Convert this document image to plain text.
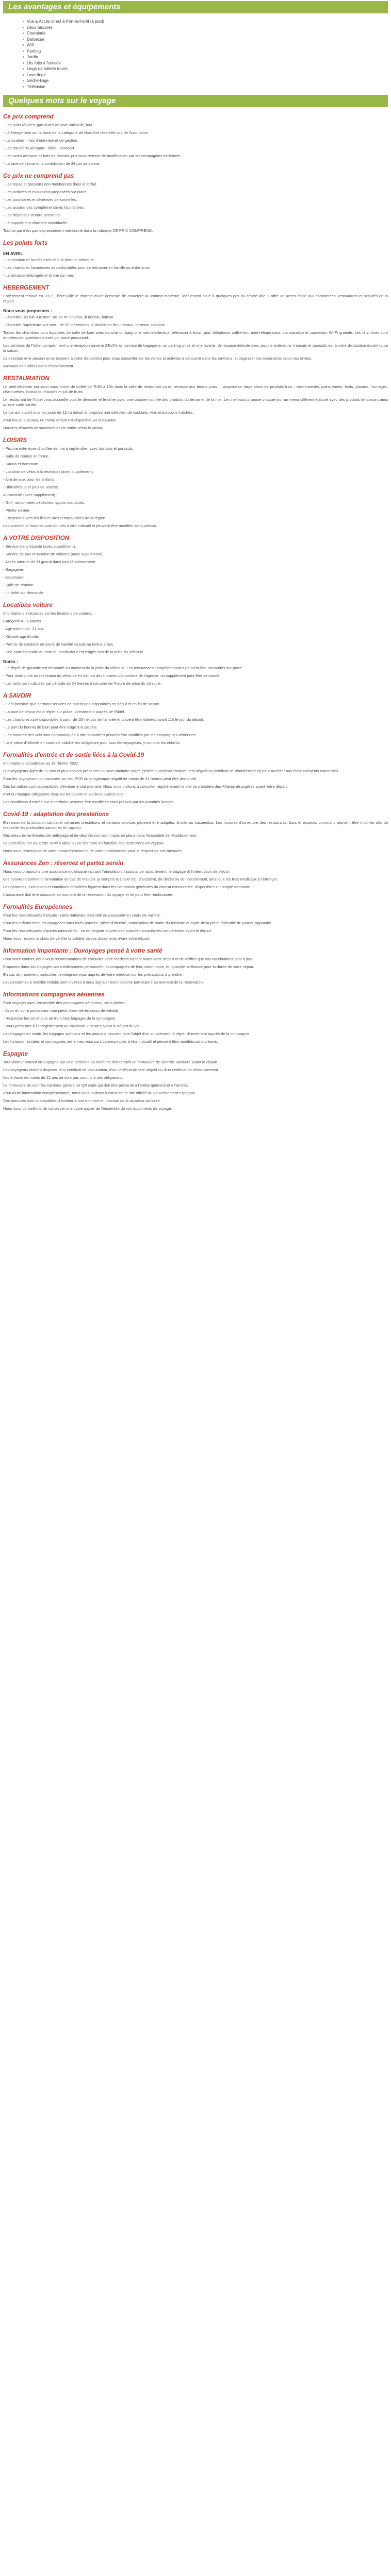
Les avantages et équipements
Vue & Accès direct à Port-la-Forêt (à pied)
Deux piscines
Cheminée
Barbecue
Wifi
Parking
Jardin
Lits faits à l'arrivée
Linge de toilette fourni
Lave-linge
Sèche-linge
Télévision
Quelques mots sur le voyage
Ce prix comprend

- Les nuits réglées, garnitures de lave-vaisselle, tout.

- L'hébergement sur la base de la catégorie de chambre réservée lors de l'inscription.

- La location - frais d'entretien et de gestion.

- Les transferts aéroport - hôtel - aéroport.

- Les taxes aéroport et frais de dossier, prix sous réserve de modification par les compagnies aériennes.

- La taxe de séjour et la contribution de 28 par personne.

Ce prix ne comprend pas

- Les repas et boissons non mentionnés dans le forfait.

- Les activités et excursions proposées sur place.

- Les pourboires et dépenses personnelles.

- Les assurances complémentaires facultatives.

- Les dépenses d'ordre personnel.

- Le supplément chambre individuelle.

Tout ce qui n'est pas expressément mentionné dans la rubrique CE PRIX COMPREND.

Les points forts
EN AVRIL

- La situation et l'accès exclusif à la piscine intérieure.

- Les chambres lumineuses et confortables pour se retrouver en famille ou entre amis.

- La terrasse ombragée et la vue sur mer.

HEBERGEMENT

Entièrement rénové en 2017, l'hôtel allie le charme d'une demeure de caractère au confort moderne. Idéalement situé à quelques pas du centre-ville, il offre un accès facile aux commerces, restaurants et activités de la région.

Nous vous proposons :

- Chambre Double vue mer : de 20 m² environ, lit double, balcon.

- Chambre Supérieure vue mer : de 25 m² environ, lit double ou lits jumeaux, terrasse privative.

Toutes les chambres sont équipées de salle de bain avec douche ou baignoire, sèche-cheveux, télévision à écran plat, téléphone, coffre-fort, mini-réfrigérateur, climatisation et connexion Wi-Fi gratuite. Les chambres sont entretenues quotidiennement par notre personnel.

Les services de l'hôtel comprennent une réception ouverte 24h/24, un service de bagagerie, un parking privé et une laverie. Un espace détente avec piscine extérieure, transats et parasols est à votre disposition durant toute la saison.

La direction et le personnel se tiennent à votre disposition pour vous conseiller sur les visites et activités à découvrir dans les environs, et organiser vos excursions selon vos envies.

Animaux non admis dans l'établissement.

RESTAURATION

Le petit-déjeuner est servi sous forme de buffet de 7h30 à 10h dans la salle de restaurant ou en terrasse aux beaux jours. Il propose un large choix de produits frais : viennoiseries, pains variés, fruits, yaourts, fromages, charcuteries, boissons chaudes et jus de fruits.

Le restaurant de l'hôtel vous accueille pour le déjeuner et le dîner avec une cuisine inspirée des produits du terroir et de la mer. Le chef vous propose chaque jour un menu différent élaboré avec des produits de saison, ainsi qu'une carte variée.

Le bar est ouvert tous les jours de 11h à minuit et propose une sélection de cocktails, vins et boissons fraîches.

Pour les plus jeunes, un menu enfant est disponible au restaurant.

Horaires d'ouverture susceptibles de varier selon la saison.

LOISIRS

- Piscine extérieure chauffée de mai à septembre, avec transats et parasols.

- Salle de remise en forme.

- Sauna et hammam.

- Location de vélos à la réception (avec supplément).

- Aire de jeux pour les enfants.

- Bibliothèque et jeux de société.

A proximité (avec supplément) :

- Golf, randonnées pédestres, sports nautiques.

- Pêche en mer.

- Excursions vers les îles et sites remarquables de la région.

Les activités et horaires sont donnés à titre indicatif et peuvent être modifiés sans préavis.

A VOTRE DISPOSITION

- Service blanchisserie (avec supplément).

- Service de taxi et location de voitures (avec supplément).

- Accès internet Wi-Fi gratuit dans tout l'établissement.

- Bagagerie.

- Ascenseur.

- Salle de réunion.

- Lit bébé sur demande.

Locations voiture

Informations indicatives sur les locations de voitures.

Catégorie A - 5 places

- Age minimum : 21 ans.

- Kilométrage illimité.

- Permis de conduire en cours de validité depuis au moins 2 ans.

- Une carte bancaire au nom du conducteur est exigée lors de la prise du véhicule.

Notes :

- Le dépôt de garantie est demandé au moment de la prise du véhicule. Les assurances complémentaires peuvent être souscrites sur place.

- Pour toute prise ou restitution du véhicule en dehors des horaires d'ouverture de l'agence, un supplément peut être demandé.

- Les tarifs sont calculés par période de 24 heures à compter de l'heure de prise du véhicule.

A SAVOIR

- Il est possible que certains services ne soient pas disponibles en début et en fin de saison.

- La taxe de séjour est à régler sur place, directement auprès de l'hôtel.

- Les chambres sont disponibles à partir de 15h le jour de l'arrivée et doivent être libérées avant 11h le jour du départ.

- Le port du bonnet de bain peut être exigé à la piscine.

- Les horaires des vols sont communiqués à titre indicatif et peuvent être modifiés par les compagnies aériennes.

- Une pièce d'identité en cours de validité est obligatoire pour tous les voyageurs, y compris les enfants.

Formalités d'entrée et de sortie liées à la Covid-19

Informations actualisées au 1er février 2022 :

Les voyageurs âgés de 12 ans et plus doivent présenter un pass sanitaire valide (schéma vaccinal complet, test négatif ou certificat de rétablissement) pour accéder aux établissements concernés.

Pour les voyageurs non vaccinés, un test PCR ou antigénique négatif de moins de 24 heures peut être demandé.

Ces formalités sont susceptibles d'évoluer à tout moment. Nous vous invitons à consulter régulièrement le site du ministère des Affaires étrangères avant votre départ.

Port du masque obligatoire dans les transports et les lieux publics clos.

Les conditions d'entrée sur le territoire peuvent être modifiées sans préavis par les autorités locales.

Covid-19 : adaptation des prestations

En raison de la situation sanitaire, certaines prestations et certains services peuvent être adaptés, limités ou suspendus. Les horaires d'ouverture des restaurants, bars et espaces communs peuvent être modifiés afin de respecter les protocoles sanitaires en vigueur.

Des mesures renforcées de nettoyage et de désinfection sont mises en place dans l'ensemble de l'établissement.

Le petit-déjeuner peut être servi à table ou en chambre en fonction des restrictions en vigueur.

Nous vous remercions de votre compréhension et de votre collaboration pour le respect de ces mesures.

Assurances Zen : réservez et partez serein

Nous vous proposons une assurance multirisque incluant l'annulation, l'assistance rapatriement, le bagage et l'interruption de séjour.

Elle couvre notamment l'annulation en cas de maladie (y compris la Covid-19), d'accident, de décès ou de licenciement, ainsi que les frais médicaux à l'étranger.

Les garanties, exclusions et conditions détaillées figurent dans les conditions générales du contrat d'assurance, disponibles sur simple demande.

L'assurance doit être souscrite au moment de la réservation du voyage et ne peut être remboursée.

Formalités Européennes

Pour les ressortissants français : carte nationale d'identité ou passeport en cours de validité.

Pour les enfants mineurs voyageant sans leurs parents : pièce d'identité, autorisation de sortie du territoire et copie de la pièce d'identité du parent signataire.

Pour les ressortissants d'autres nationalités : se renseigner auprès des autorités consulaires compétentes avant le départ.

Nous vous recommandons de vérifier la validité de vos documents avant votre départ.

Information importante : Ouvoyages pensé à votre santé

Pour votre confort, nous vous recommandons de consulter votre médecin traitant avant votre départ et de vérifier que vos vaccinations sont à jour.

Emportez dans vos bagages vos médicaments personnels, accompagnés de leur ordonnance, en quantité suffisante pour la durée de votre séjour.

En cas de traitement particulier, renseignez-vous auprès de votre médecin sur les précautions à prendre.

Les personnes à mobilité réduite sont invitées à nous signaler leurs besoins particuliers au moment de la réservation.

Informations compagnies aériennes

Pour voyager avec l'ensemble des compagnies aériennes, vous devez :

- Avoir en votre possession une pièce d'identité en cours de validité.

- Respecter les conditions de franchise bagages de la compagnie.

- Vous présenter à l'enregistrement au minimum 2 heures avant le départ du vol.

Les bagages en soute, les bagages spéciaux et les animaux peuvent faire l'objet d'un supplément, à régler directement auprès de la compagnie.

Les horaires, escales et compagnies aériennes vous sont communiqués à titre indicatif et peuvent être modifiés sans préavis.

Espagne

Tout visiteur entrant en Espagne par voie aérienne ou maritime doit remplir un formulaire de contrôle sanitaire avant le départ.

Les voyageurs doivent disposer d'un certificat de vaccination, d'un certificat de test négatif ou d'un certificat de rétablissement.

Les enfants de moins de 12 ans ne sont pas soumis à ces obligations.

Le formulaire de contrôle sanitaire génère un QR code qui doit être présenté à l'embarquement et à l'arrivée.

Pour toute information complémentaire, nous vous invitons à consulter le site officiel du gouvernement espagnol.

Ces mesures sont susceptibles d'évoluer à tout moment en fonction de la situation sanitaire.

Nous vous conseillons de conserver une copie papier de l'ensemble de vos documents de voyage.
